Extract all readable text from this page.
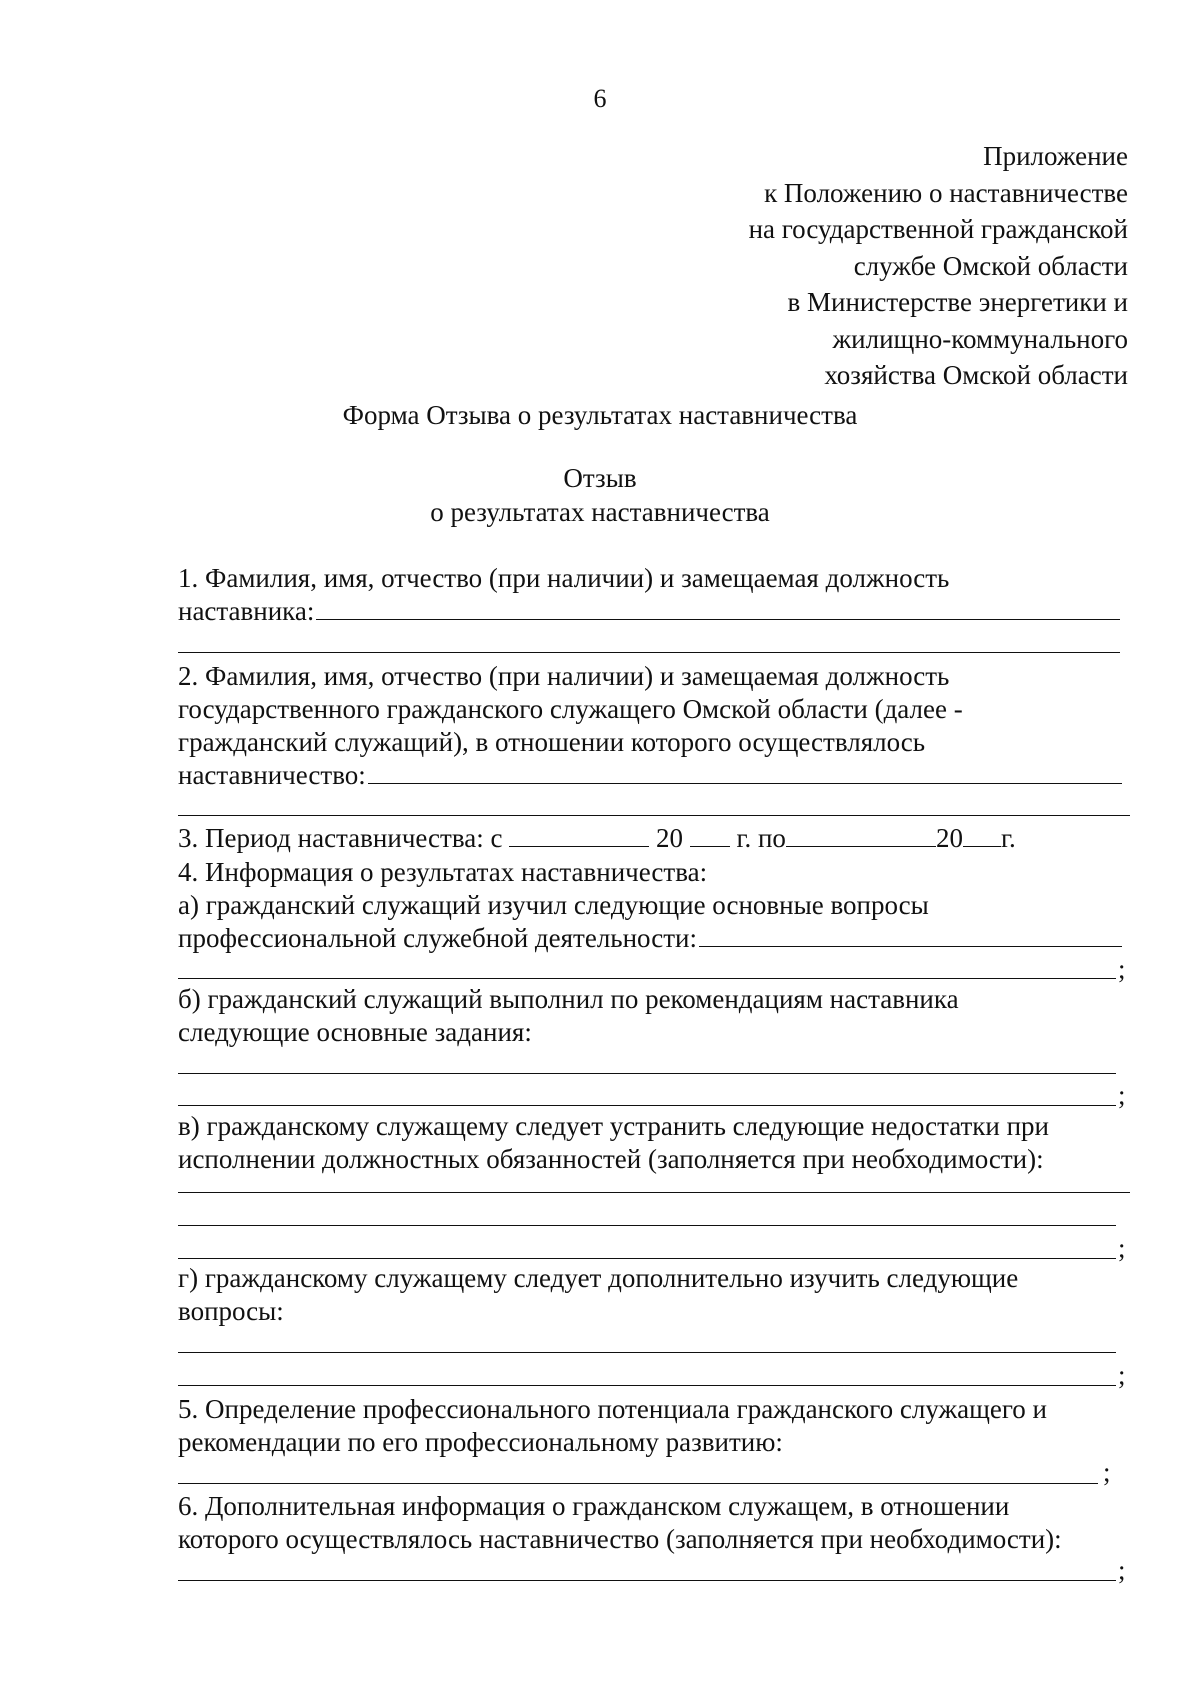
6
Приложение
к Положению о наставничестве
на государственной гражданской
службе Омской области
в Министерстве энергетики и
жилищно-коммунального
хозяйства Омской области
Форма Отзыва о результатах наставничества
Отзыв
о результатах наставничества
1. Фамилия, имя, отчество (при наличии) и замещаемая должность
наставника:
2. Фамилия, имя, отчество (при наличии) и замещаемая должность
государственного гражданского служащего Омской области (далее -
гражданский служащий), в отношении которого осуществлялось
наставничество:
3. Период наставничества: с	20 г. по	20 г.
4. Информация о результатах наставничества:
а) гражданский служащий изучил следующие основные вопросы
профессиональной служебной деятельности:
;
б) гражданский служащий выполнил по рекомендациям наставника
следующие основные задания:
;
в) гражданскому служащему следует устранить следующие недостатки при
исполнении должностных обязанностей (заполняется при необходимости):
;
г) гражданскому служащему следует дополнительно изучить следующие
вопросы:
;
5. Определение профессионального потенциала гражданского служащего и
рекомендации по его профессиональному развитию:
;
6. Дополнительная информация о гражданском служащем, в отношении
которого осуществлялось наставничество (заполняется при необходимости):
;
